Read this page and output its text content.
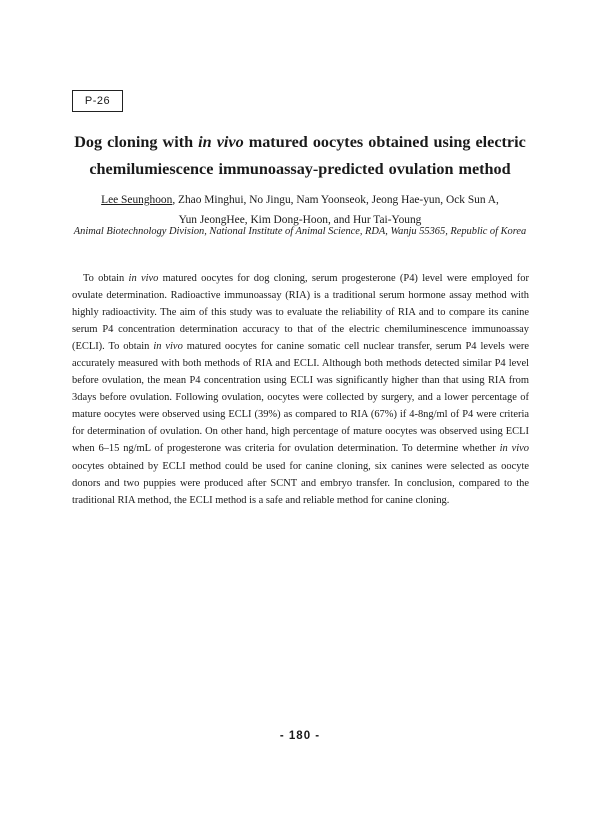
P-26
Dog cloning with in vivo matured oocytes obtained using electric
chemilumiescence immunoassay-predicted ovulation method

Lee Seunghoon, Zhao Minghui, No Jingu, Nam Yoonseok, Jeong Hae-yun, Ock Sun A,
Yun JeongHee, Kim Dong-Hoon, and Hur Tai-Young

Animal Biotechnology Division, National Institute of Animal Science, RDA, Wanju 55365, Republic of Korea

To obtain in vivo matured oocytes for dog cloning, serum progesterone (P4) level were employed for ovulate determination. Radioactive immunoassay (RIA) is a traditional serum hormone assay method with highly radioactivity. The aim of this study was to evaluate the reliability of RIA and to compare its canine serum P4 concentration determination accuracy to that of the electric chemiluminescence immunoassay (ECLI). To obtain in vivo matured oocytes for canine somatic cell nuclear transfer, serum P4 levels were accurately measured with both methods of RIA and ECLI. Although both methods detected similar P4 level before ovulation, the mean P4 concentration using ECLI was significantly higher than that using RIA from 3days before ovulation. Following ovulation, oocytes were collected by surgery, and a lower percentage of mature oocytes were observed using ECLI (39%) as compared to RIA (67%) if 4-8ng/ml of P4 were criteria for determination of ovulation. On other hand, high percentage of mature oocytes was observed using ECLI when 6–15 ng/mL of progesterone was criteria for ovulation determination. To determine whether in vivo oocytes obtained by ECLI method could be used for canine cloning, six canines were selected as oocyte donors and two puppies were produced after SCNT and embryo transfer. In conclusion, compared to the traditional RIA method, the ECLI method is a safe and reliable method for canine cloning.

- 180 -
